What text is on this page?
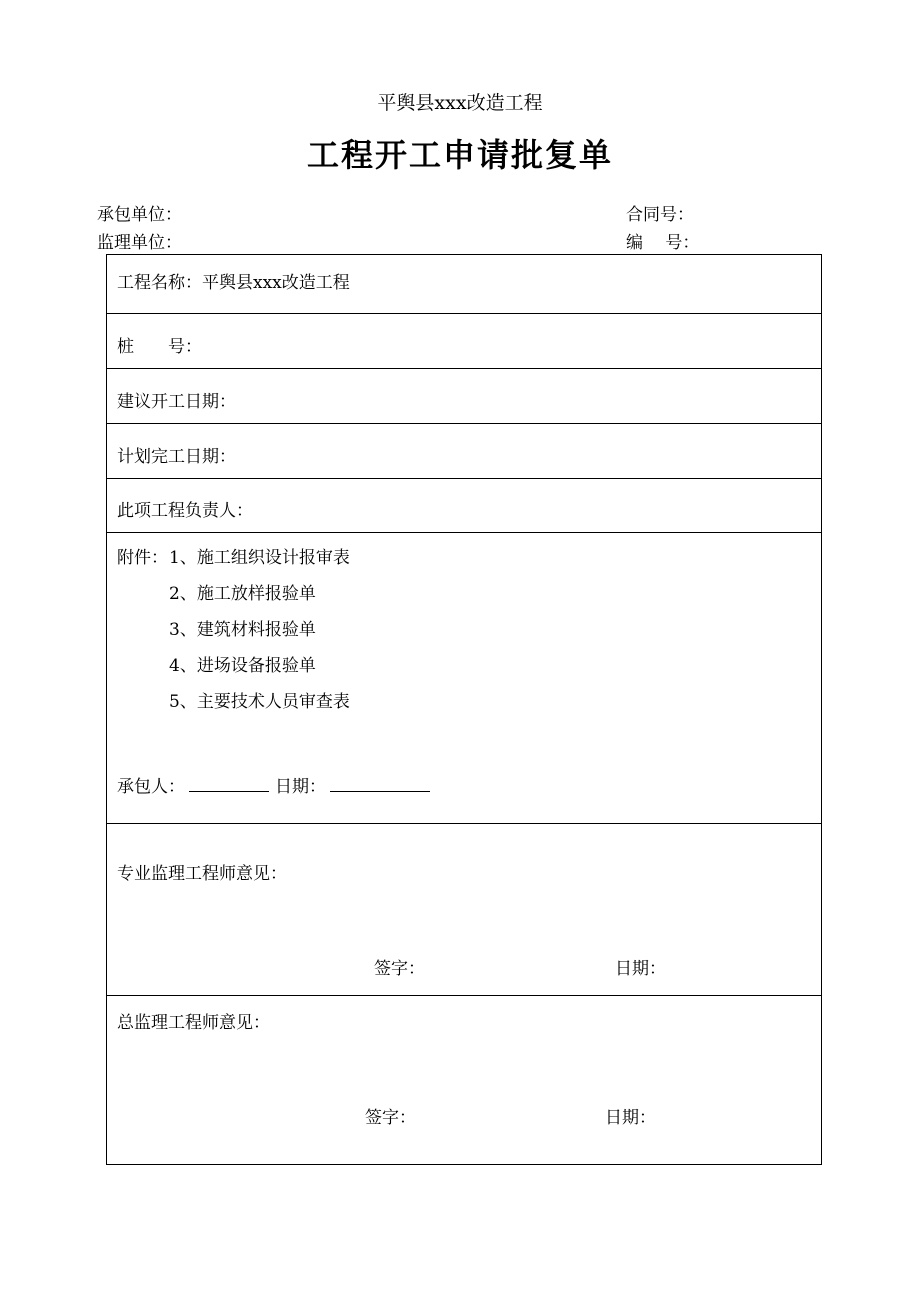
平舆县xxx改造工程
工程开工申请批复单
承包单位：	合同号：
监理单位：	编　 号：
工程名称：平舆县xxx改造工程
桩　　号：
建议开工日期：
计划完工日期：
此项工程负责人：
附件： 1、施工组织设计报审表
2、施工放样报验单
3、建筑材料报验单
4、进场设备报验单
5、主要技术人员审查表
承包人：	日期：
专业监理工程师意见：
签字：	日期：
总监理工程师意见：
签字：	日期：
